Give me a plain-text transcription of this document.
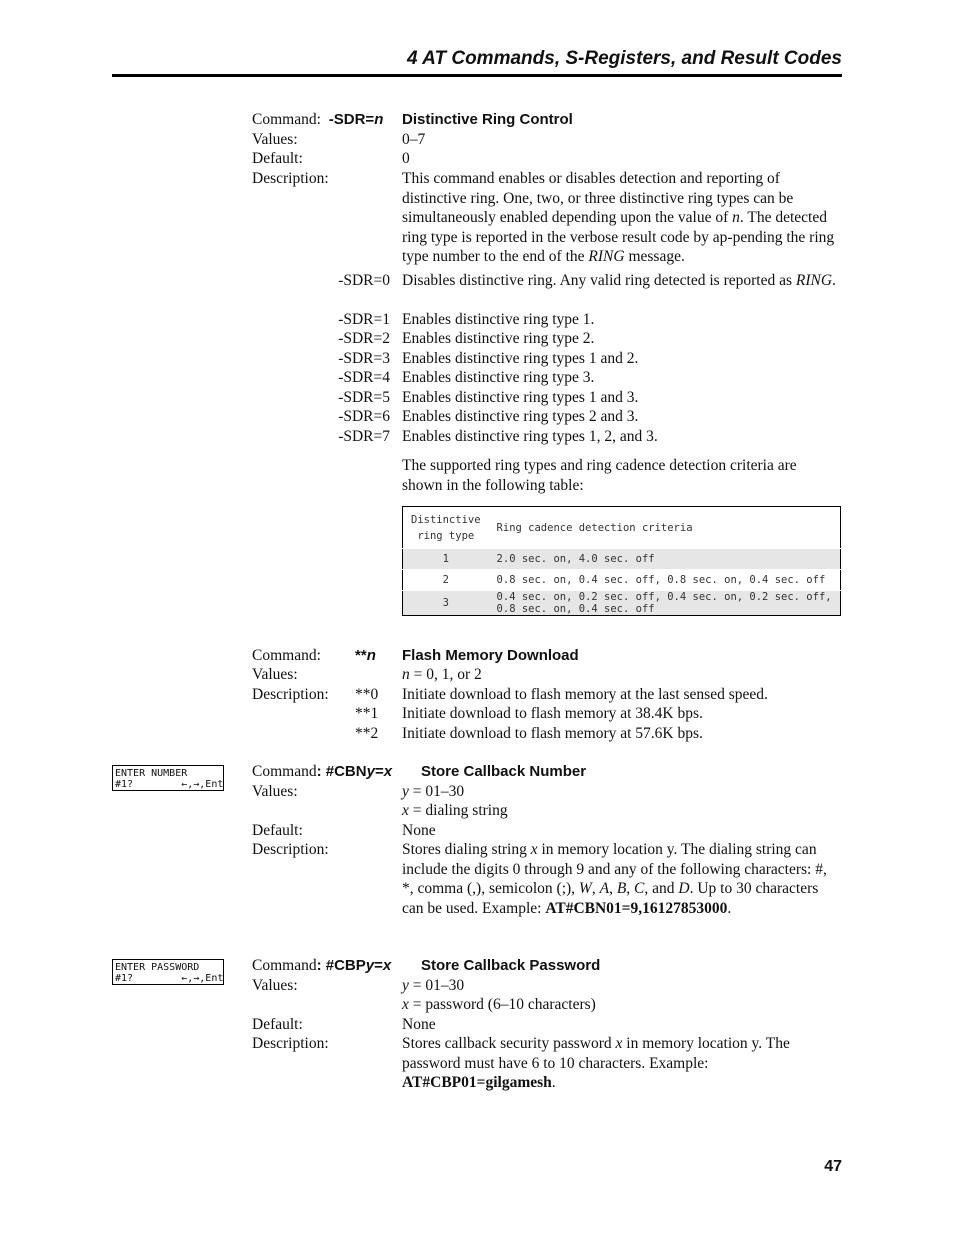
4 AT Commands, S-Registers, and Result Codes
Command: -SDR=n Distinctive Ring Control
Values:	0–7
Default:	0
Description:	This command enables or disables detection and reporting of distinctive ring. One, two, or three distinctive ring types can be simultaneously enabled depending upon the value of n. The detected ring type is reported in the verbose result code by ap-pending the ring type number to the end of the RING message.
-SDR=0 Disables distinctive ring. Any valid ring detected is reported as RING.
-SDR=1 Enables distinctive ring type 1.
-SDR=2 Enables distinctive ring type 2.
-SDR=3 Enables distinctive ring types 1 and 2.
-SDR=4 Enables distinctive ring type 3.
-SDR=5 Enables distinctive ring types 1 and 3.
-SDR=6 Enables distinctive ring types 2 and 3.
-SDR=7 Enables distinctive ring types 1, 2, and 3.
The supported ring types and ring cadence detection criteria are shown in the following table:
Distinctive
ring type	Ring cadence detection criteria
1	2.0 sec. on, 4.0 sec. off
2	0.8 sec. on, 0.4 sec. off, 0.8 sec. on, 0.4 sec. off
3	0.4 sec. on, 0.2 sec. off, 0.4 sec. on, 0.2 sec. off, 0.8 sec. on, 0.4 sec. off
Command: **n Flash Memory Download
Values:	n = 0, 1, or 2
Description: **0 Initiate download to flash memory at the last sensed speed.
**1 Initiate download to flash memory at 38.4K bps.
**2 Initiate download to flash memory at 57.6K bps.
ENTER NUMBER
#1?        ←,→,Ent
Command: #CBNy=x Store Callback Number
Values:	y = 01–30
x = dialing string
Default:	None
Description:	Stores dialing string x in memory location y. The dialing string can include the digits 0 through 9 and any of the following characters: #, *, comma (,), semicolon (;), W, A, B, C, and D. Up to 30 characters can be used. Example: AT#CBN01=9,16127853000.
ENTER PASSWORD
#1?        ←,→,Ent
Command: #CBPy=x Store Callback Password
Values:	y = 01–30
x = password (6–10 characters)
Default:	None
Description:	Stores callback security password x in memory location y. The password must have 6 to 10 characters. Example: AT#CBP01=gilgamesh.
47
